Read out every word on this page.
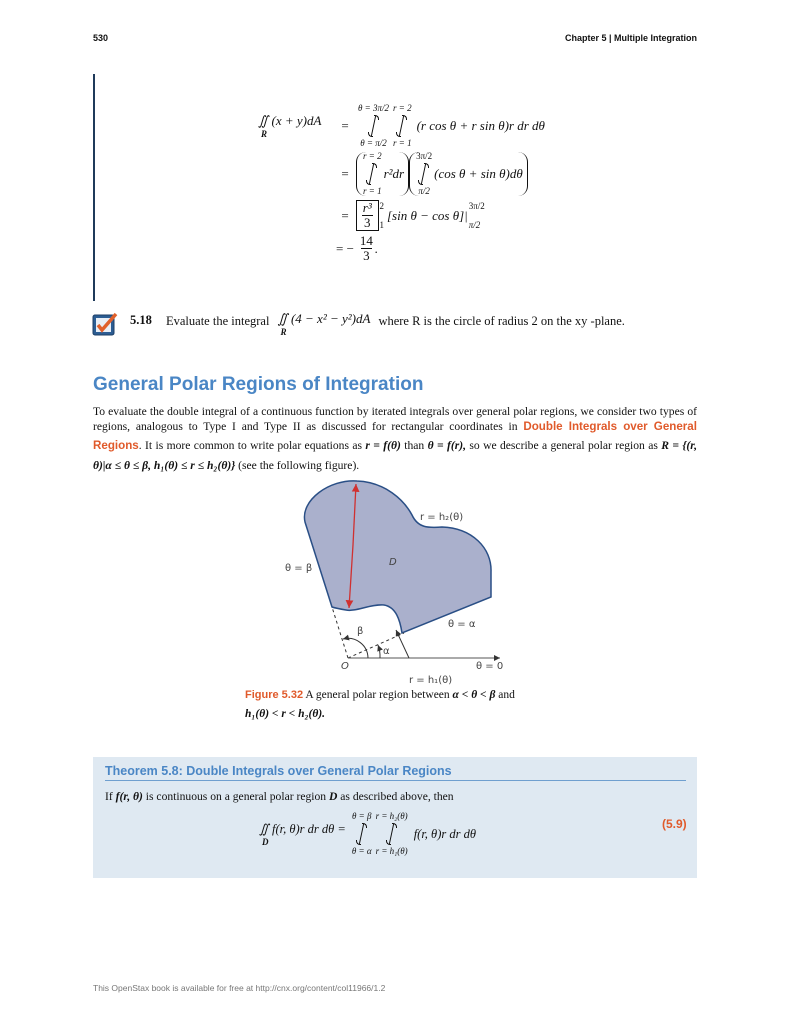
530	Chapter 5 | Multiple Integration
∬ (x + y)dA
R
=
θ = 3π/2
θ = π/2
r = 2
r = 1
(r cos θ + r sin θ)r dr dθ
=
r = 2
r = 1
r²dr
3π/2
π/2
(cos θ + sin θ)dθ
=	$\frac{\text{r³}}{3} 2$
1
[sin θ − cos θ]|
3π/2
π/2
= − $\frac{14}{3}$ .
5.18 Evaluate the integral ∬ (4 − x² − y²)dA
R
where R is the circle of radius 2 on the xy -plane.
General Polar Regions of Integration

To evaluate the double integral of a continuous function by iterated integrals over general polar regions, we consider two types of regions, analogous to Type I and Type II as discussed for rectangular coordinates in Double Integrals over General Regions. It is more common to write polar equations as r = f(θ) than θ = f(r), so we describe a general polar region as R = {(r, θ)|α ≤ θ ≤ β, h₁(θ) ≤ r ≤ h₂(θ)} (see the following figure).

r = h₂(θ)
D
θ = β
θ = α
β
α
O	θ = 0
r = h₁(θ)
Figure 5.32 A general polar region between α < θ < β and
h₁(θ) < r < h₂(θ).
Theorem 5.8: Double Integrals over General Polar Regions
If f(r, θ) is continuous on a general polar region D as described above, then
∬ f(r, θ)r dr dθ =
D
θ = β
θ = α
r = h₂(θ)
r = h₁(θ)
f(r, θ)r dr dθ
(5.9)
This OpenStax book is available for free at http://cnx.org/content/col11966/1.2
